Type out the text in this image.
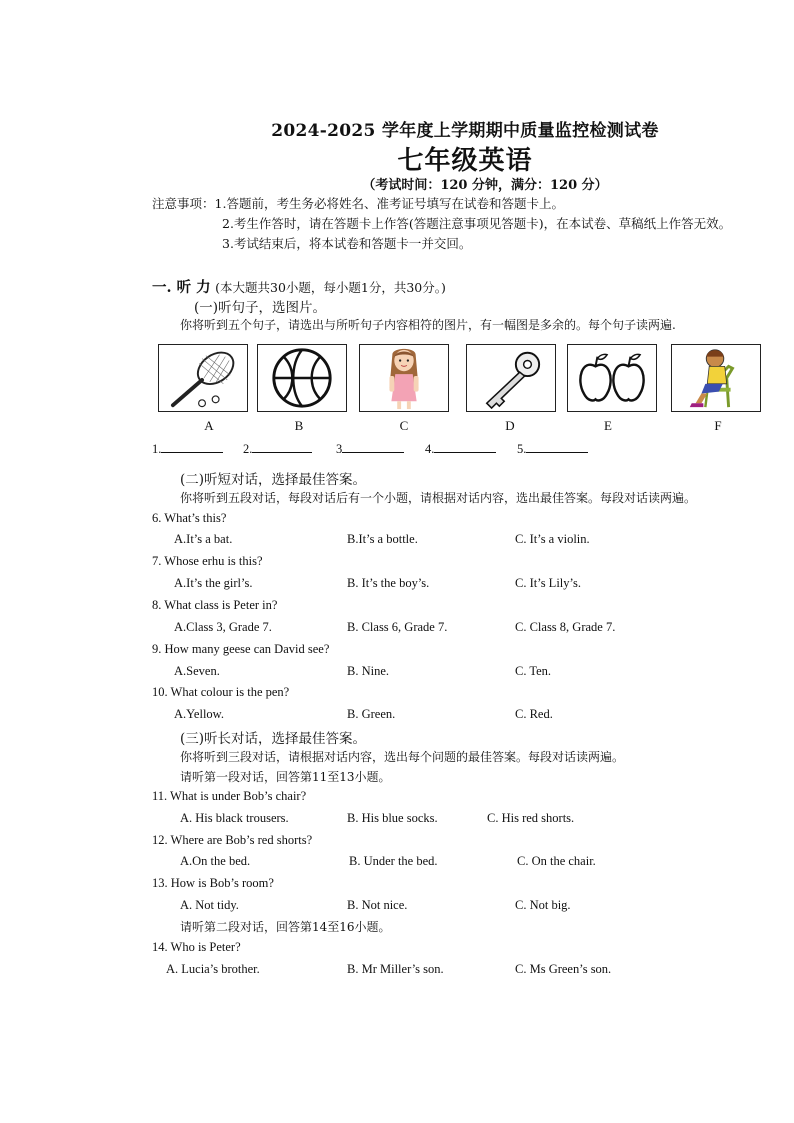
2024-2025 学年度上学期期中质量监控检测试卷
七年级英语
（考试时间：120 分钟，满分：120 分）
注意事项：1.答题前，考生务必将姓名、准考证号填写在试卷和答题卡上。
2.考生作答时，请在答题卡上作答(答题注意事项见答题卡)，在本试卷、草稿纸上作答无效。
3.考试结束后，将本试卷和答题卡一并交回。
一. 听 力 (本大题共30小题，每小题1分，共30分。)
(一)听句子，选图片。
你将听到五个句子，请选出与所听句子内容相符的图片，有一幅图是多余的。每个句子读两遍.
A	B	C	D	E	F
1.	2.	3	4.	5.
(二)听短对话，选择最佳答案。
你将听到五段对话，每段对话后有一个小题，请根据对话内容，选出最佳答案。每段对话读两遍。
6. What’s this?
A.It’s a bat.	B.It’s a bottle.	C. It’s a violin.
7. Whose erhu is this?
A.It’s the girl’s.	B. It’s the boy’s.	C. It’s Lily’s.
8. What class is Peter in?
A.Class 3, Grade 7.	B. Class 6, Grade 7.	C. Class 8, Grade 7.
9. How many geese can David see?
A.Seven.	B. Nine.	C. Ten.
10. What colour is the pen?
A.Yellow.	B. Green.	C. Red.
(三)听长对话，选择最佳答案。
你将听到三段对话，请根据对话内容，选出每个问题的最佳答案。每段对话读两遍。
请听第一段对话，回答第11至13小题。
11. What is under Bob’s chair?
A. His black trousers.	B. His blue socks.	C. His red shorts.
12. Where are Bob’s red shorts?
A.On the bed.	B. Under the bed.	C. On the chair.
13. How is Bob’s room?
A. Not tidy.	B. Not nice.	C. Not big.
请听第二段对话，回答第14至16小题。
14. Who is Peter?
A. Lucia’s brother.	B. Mr Miller’s son.	C. Ms Green’s son.
